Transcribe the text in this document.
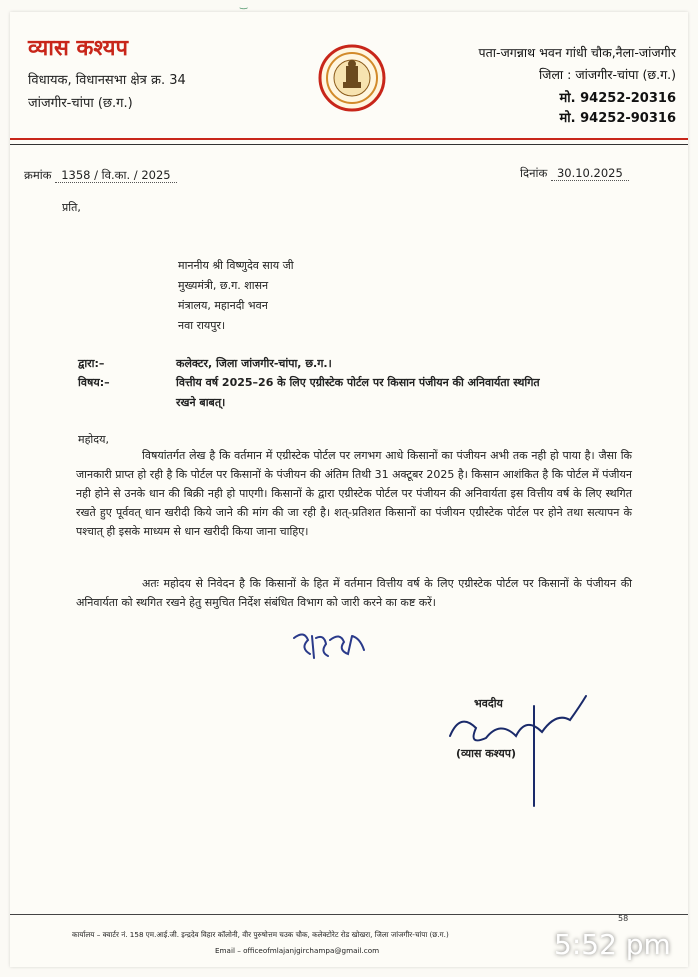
‿
व्यास कश्यप
विधायक, विधानसभा क्षेत्र क्र. 34
जांजगीर-चांपा (छ.ग.)
पता-जगन्नाथ भवन गांधी चौक,नैला-जांजगीर
जिला : जांजगीर-चांपा (छ.ग.)
मो. 94252-20316
मो. 94252-90316
क्रमांक 1358 / वि.का. / 2025	दिनांक 30.10.2025
प्रति,
माननीय श्री विष्णुदेव साय जी
मुख्यमंत्री, छ.ग. शासन
मंत्रालय, महानदी भवन
नवा रायपुर।
द्वारा:–	कलेक्टर, जिला जांजगीर-चांपा, छ.ग.।
विषय:–	वित्तीय वर्ष 2025–26 के लिए एग्रीस्टेक पोर्टल पर किसान पंजीयन की अनिवार्यता स्थगित
रखने बाबत्।
महोदय,
विषयांतर्गत लेख है कि वर्तमान में एग्रीस्टेक पोर्टल पर लगभग आधे किसानों का पंजीयन अभी तक नही हो पाया है। जैसा कि जानकारी प्राप्त हो रही है कि पोर्टल पर किसानों के पंजीयन की अंतिम तिथी 31 अक्टूबर 2025 है। किसान आशंकित है कि पोर्टल में पंजीयन नही होने से उनके धान की बिक्री नही हो पाएगी। किसानों के द्वारा एग्रीस्टेक पोर्टल पर पंजीयन की अनिवार्यता इस वित्तीय वर्ष के लिए स्थगित रखते हुए पूर्ववत् धान खरीदी किये जाने की मांग की जा रही है। शत्-प्रतिशत किसानों का पंजीयन एग्रीस्टेक पोर्टल पर होने तथा सत्यापन के पश्चात् ही इसके माध्यम से धान खरीदी किया जाना चाहिए।
अतः महोदय से निवेदन है कि किसानों के हित में वर्तमान वित्तीय वर्ष के लिए एग्रीस्टेक पोर्टल पर किसानों के पंजीयन की अनिवार्यता को स्थगित रखने हेतु समुचित निर्देश संबंधित विभाग को जारी करने का कष्ट करें।
सादर
भवदीय
(व्यास कश्यप)
58
कार्यालय – क्वार्टर नं. 158 एम.आई.जी. इन्द्रदेव विहार कॉलोनी, वीर पुरुषोत्तम चउक चौक, कलेक्टोरेट रोड खोखरा, जिला जांजगीर-चांपा (छ.ग.)
Email – officeofmlajanjgirchampa@gmail.com	5:52 pm
